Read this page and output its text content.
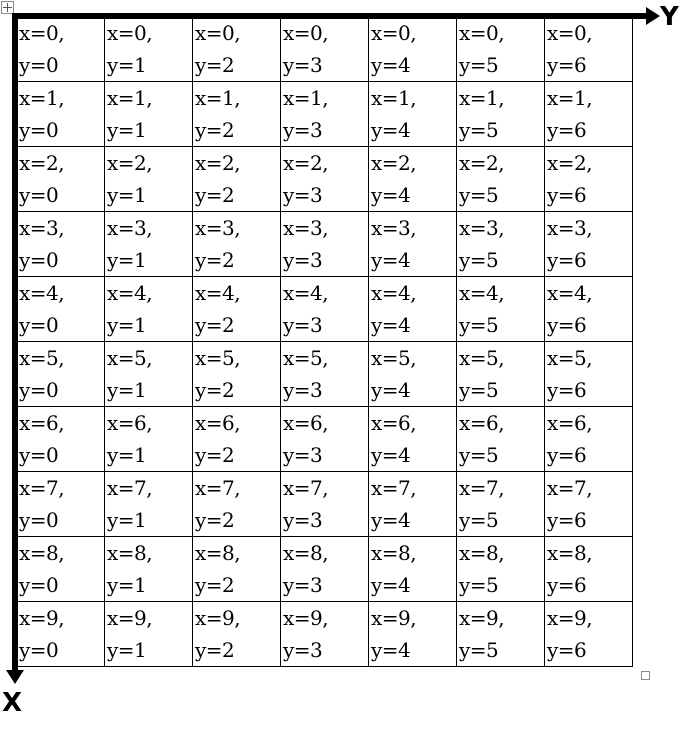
x=0,
y=0	x=0,
y=1	x=0,
y=2	x=0,
y=3	x=0,
y=4	x=0,
y=5	x=0,
y=6

x=1,
y=0	x=1,
y=1	x=1,
y=2	x=1,
y=3	x=1,
y=4	x=1,
y=5	x=1,
y=6

x=2,
y=0	x=2,
y=1	x=2,
y=2	x=2,
y=3	x=2,
y=4	x=2,
y=5	x=2,
y=6

x=3,
y=0	x=3,
y=1	x=3,
y=2	x=3,
y=3	x=3,
y=4	x=3,
y=5	x=3,
y=6

x=4,
y=0	x=4,
y=1	x=4,
y=2	x=4,
y=3	x=4,
y=4	x=4,
y=5	x=4,
y=6

x=5,
y=0	x=5,
y=1	x=5,
y=2	x=5,
y=3	x=5,
y=4	x=5,
y=5	x=5,
y=6

x=6,
y=0	x=6,
y=1	x=6,
y=2	x=6,
y=3	x=6,
y=4	x=6,
y=5	x=6,
y=6

x=7,
y=0	x=7,
y=1	x=7,
y=2	x=7,
y=3	x=7,
y=4	x=7,
y=5	x=7,
y=6

x=8,
y=0	x=8,
y=1	x=8,
y=2	x=8,
y=3	x=8,
y=4	x=8,
y=5	x=8,
y=6

x=9,
y=0	x=9,
y=1	x=9,
y=2	x=9,
y=3	x=9,
y=4	x=9,
y=5	x=9,
y=6
Y
X
